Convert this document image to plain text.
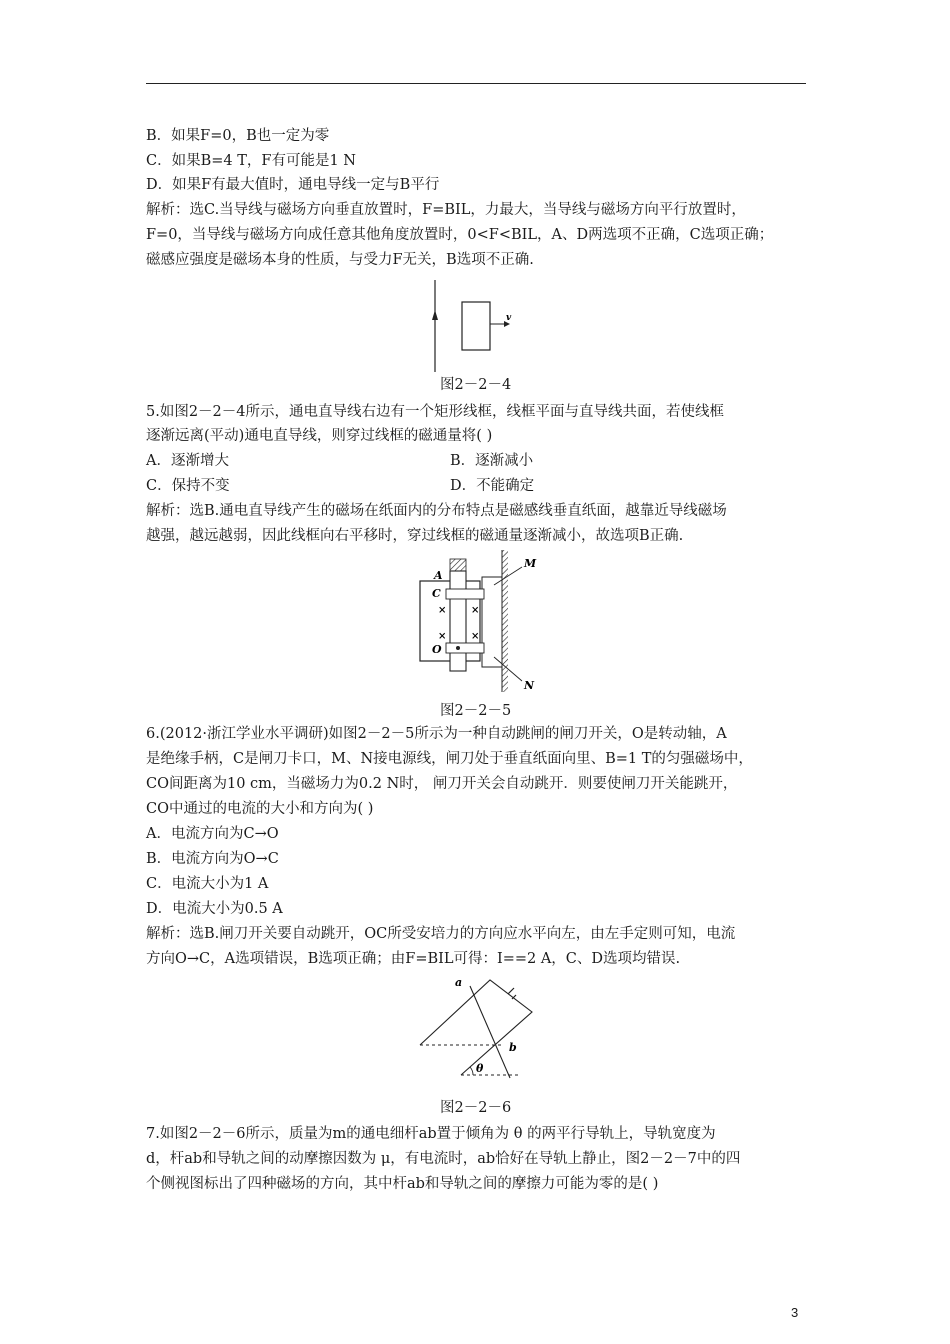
B．如果F=0，B也一定为零
C．如果B=4 T，F有可能是1 N
D．如果F有最大值时，通电导线一定与B平行
解析：选C.当导线与磁场方向垂直放置时，F=BIL，力最大，当导线与磁场方向平行放置时，
F=0，当导线与磁场方向成任意其他角度放置时，0<F<BIL，A、D两选项不正确，C选项正确；
磁感应强度是磁场本身的性质，与受力F无关，B选项不正确.
v
图2－2－4
5.如图2－2－4所示，通电直导线右边有一个矩形线框，线框平面与直导线共面，若使线框
逐渐远离(平动)通电直导线，则穿过线框的磁通量将( )
A．逐渐增大	B．逐渐减小
C．保持不变	D．不能确定
解析：选B.通电直导线产生的磁场在纸面内的分布特点是磁感线垂直纸面，越靠近导线磁场
越强，越远越弱，因此线框向右平移时，穿过线框的磁通量逐渐减小，故选项B正确.
× ×
× ×
A
C
O
M
N
图2－2－5
6.(2012·浙江学业水平调研)如图2－2－5所示为一种自动跳闸的闸刀开关，O是转动轴，A
是绝缘手柄，C是闸刀卡口，M、N接电源线，闸刀处于垂直纸面向里、B=1 T的匀强磁场中，
CO间距离为10 cm，当磁场力为0.2 N时， 闸刀开关会自动跳开．则要使闸刀开关能跳开，
CO中通过的电流的大小和方向为( )
A．电流方向为C→O
B．电流方向为O→C
C．电流大小为1 A
D．电流大小为0.5 A
解析：选B.闸刀开关要自动跳开，OC所受安培力的方向应水平向左，由左手定则可知，电流
方向O→C，A选项错误，B选项正确；由F=BIL可得：I==2 A，C、D选项均错误.
a
b
θ
图2－2－6
7.如图2－2－6所示，质量为m的通电细杆ab置于倾角为 θ 的两平行导轨上，导轨宽度为
d，杆ab和导轨之间的动摩擦因数为 μ，有电流时，ab恰好在导轨上静止，图2－2－7中的四
个侧视图标出了四种磁场的方向，其中杆ab和导轨之间的摩擦力可能为零的是( )
3
